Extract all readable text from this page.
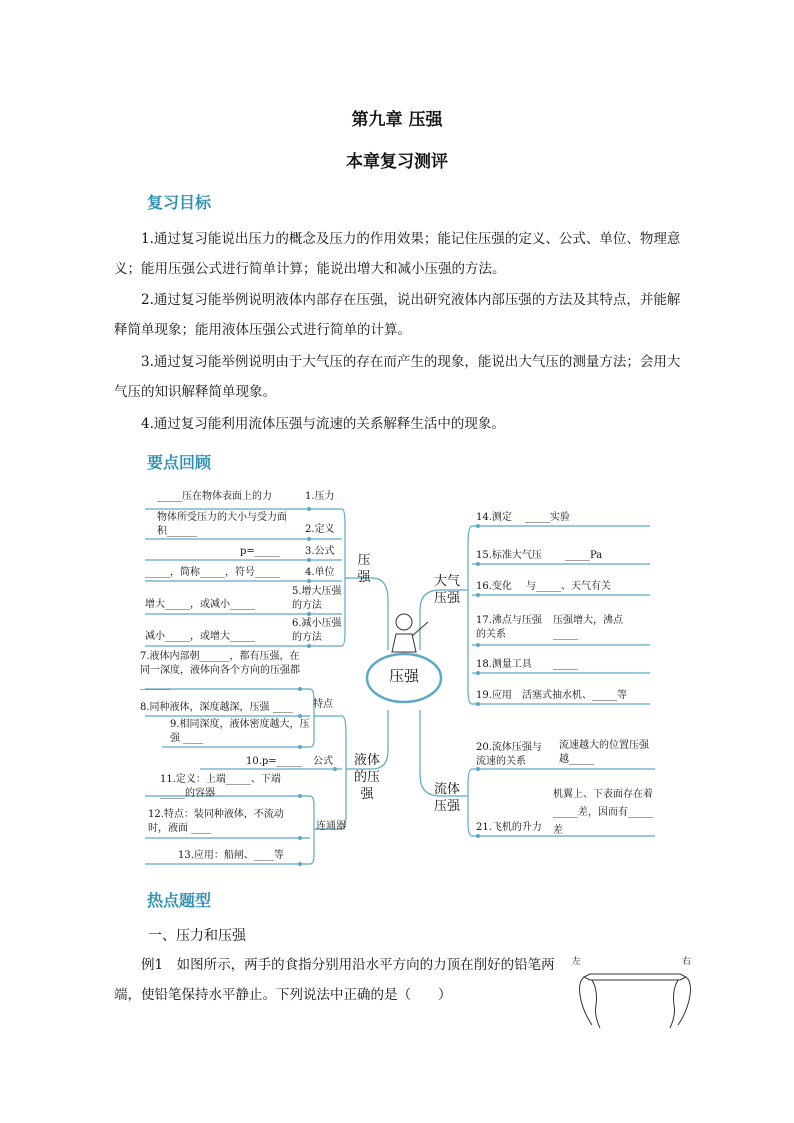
第九章 压强
本章复习测评
复习目标

1.通过复习能说出压力的概念及压力的作用效果；能记住压强的定义、公式、单位、物理意义；能用压强公式进行简单计算；能说出增大和减小压强的方法。

2.通过复习能举例说明液体内部存在压强，说出研究液体内部压强的方法及其特点，并能解释简单现象；能用液体压强公式进行简单的计算。

3.通过复习能举例说明由于大气压的存在而产生的现象，能说出大气压的测量方法；会用大气压的知识解释简单现象。

4.通过复习能利用流体压强与流速的关系解释生活中的现象。

要点回顾
压强
液体的压强
大气压强
流体压强
压强
1.压力
2.定义
3.公式
4.单位
5.增大压强的方法
6.减小压强的方法
_____压在物体表面上的力
物体所受压力的大小与受力面积______
p=_____
_____，简称_____，符号_____
增大_____，或减小_____
减小_____，或增大_____
特点
公式
连通器
7.液体内部朝______，都有压强，在同一深度，液体向各个方向的压强都______
8.同种液体，深度越深，压强 ____
9.相同深度，液体密度越大，压强 ____
10.p=_____
11.定义：上端_____、下端_____的容器
12.特点：装同种液体，不流动时，液面 ____
13.应用：船闸、____等
14.测定
15.标准大气压
16.变化
17.沸点与压强的关系
18.测量工具
19.应用
_____实验
_____Pa
与_____、天气有关
压强增大，沸点_____
_____
活塞式抽水机、_____等
20.流体压强与流速的关系
21.飞机的升力
流速越大的位置压强越_____
机翼上、下表面存在着_____差，因而有_____差
热点题型
一、压力和压强

例1　如图所示，两手的食指分别用沿水平方向的力顶在削好的铅笔两端，使铅笔保持水平静止。下列说法中正确的是（　　）

左	右
